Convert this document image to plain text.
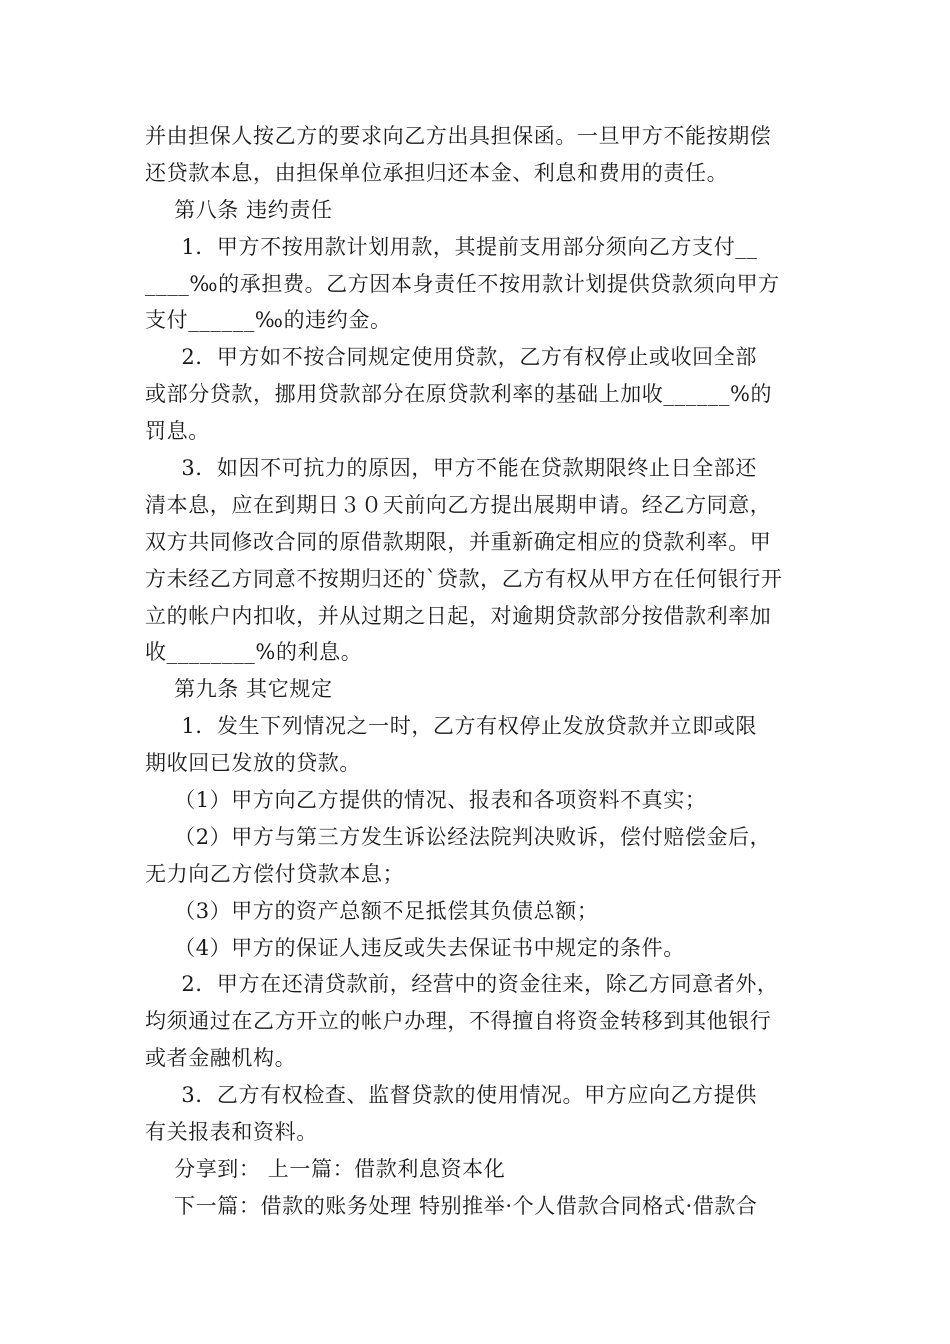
并由担保人按乙方的要求向乙方出具担保函。一旦甲方不能按期偿
还贷款本息，由担保单位承担归还本金、利息和费用的责任。
第八条 违约责任
1．甲方不按用款计划用款，其提前支用部分须向乙方支付__
____‰的承担费。乙方因本身责任不按用款计划提供贷款须向甲方
支付______‰的违约金。
2．甲方如不按合同规定使用贷款，乙方有权停止或收回全部
或部分贷款，挪用贷款部分在原贷款利率的基础上加收______%的
罚息。
3．如因不可抗力的原因，甲方不能在贷款期限终止日全部还
清本息，应在到期日３０天前向乙方提出展期申请。经乙方同意，
双方共同修改合同的原借款期限，并重新确定相应的贷款利率。甲
方未经乙方同意不按期归还的`贷款，乙方有权从甲方在任何银行开
立的帐户内扣收，并从过期之日起，对逾期贷款部分按借款利率加
收________%的利息。
第九条 其它规定
1．发生下列情况之一时，乙方有权停止发放贷款并立即或限
期收回已发放的贷款。
（1）甲方向乙方提供的情况、报表和各项资料不真实；
（2）甲方与第三方发生诉讼经法院判决败诉，偿付赔偿金后，
无力向乙方偿付贷款本息；
（3）甲方的资产总额不足抵偿其负债总额；
（4）甲方的保证人违反或失去保证书中规定的条件。
2．甲方在还清贷款前，经营中的资金往来，除乙方同意者外，
均须通过在乙方开立的帐户办理，不得擅自将资金转移到其他银行
或者金融机构。
3．乙方有权检查、监督贷款的使用情况。甲方应向乙方提供
有关报表和资料。
分享到： 上一篇：借款利息资本化
下一篇：借款的账务处理 特别推举·个人借款合同格式·借款合
